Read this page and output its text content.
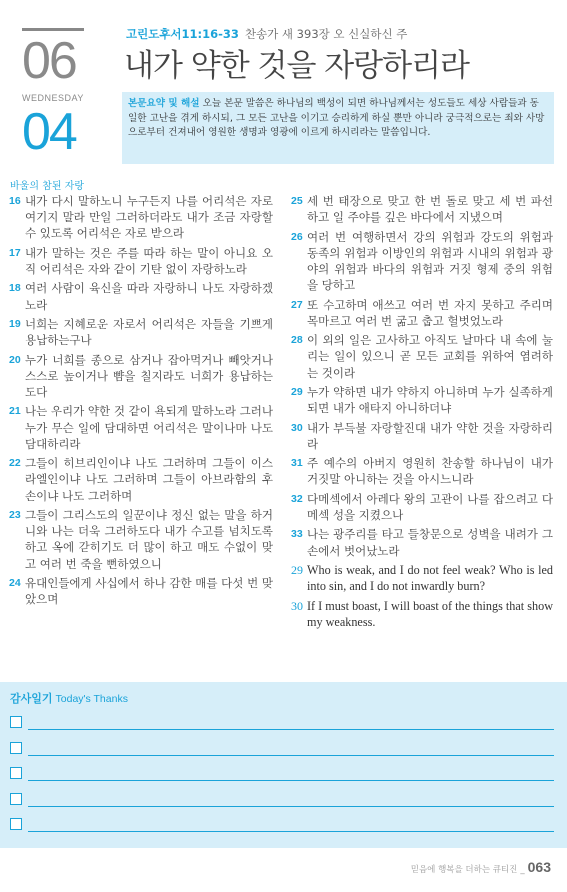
06
WEDNESDAY
04
고린도후서11:16-33 찬송가 새 393장 오 신실하신 주
내가 약한 것을 자랑하리라
본문요약 및 해설 오늘 본문 말씀은 하나님의 백성이 되면 하나님께서는 성도들도 세상 사람들과 동일한 고난을 겪게 하시되, 그 모든 고난을 이기고 승리하게 하실 뿐만 아니라 궁극적으로는 죄와 사망으로부터 건져내어 영원한 생명과 영광에 이르게 하시리라는 말씀입니다.
바울의 참된 자랑
16 내가 다시 말하노니 누구든지 나를 어리석은 자로 여기지 말라 만일 그러하더라도 내가 조금 자랑할 수 있도록 어리석은 자로 받으라
17 내가 말하는 것은 주를 따라 하는 말이 아니요 오직 어리석은 자와 같이 기탄 없이 자랑하노라
18 여러 사람이 육신을 따라 자랑하니 나도 자랑하겠노라
19 너희는 지혜로운 자로서 어리석은 자들을 기쁘게 용납하는구나
20 누가 너희를 종으로 삼거나 잡아먹거나 빼앗거나 스스로 높이거나 뺨을 칠지라도 너희가 용납하는도다
21 나는 우리가 약한 것 같이 욕되게 말하노라 그러나 누가 무슨 일에 담대하면 어리석은 말이나마 나도 담대하리라
22 그들이 히브리인이냐 나도 그러하며 그들이 이스라엘인이냐 나도 그러하며 그들이 아브라함의 후손이냐 나도 그러하며
23 그들이 그리스도의 일꾼이냐 정신 없는 말을 하거니와 나는 더욱 그러하도다 내가 수고를 넘치도록 하고 옥에 갇히기도 더 많이 하고 매도 수없이 맞고 여러 번 죽을 뻔하였으니
24 유대인들에게 사십에서 하나 감한 매를 다섯 번 맞았으며
25 세 번 태장으로 맞고 한 번 돌로 맞고 세 번 파선하고 일 주야를 깊은 바다에서 지냈으며
26 여러 번 여행하면서 강의 위험과 강도의 위험과 동족의 위험과 이방인의 위험과 시내의 위험과 광야의 위험과 바다의 위험과 거짓 형제 중의 위험을 당하고
27 또 수고하며 애쓰고 여러 번 자지 못하고 주리며 목마르고 여러 번 굶고 춥고 헐벗었노라
28 이 외의 일은 고사하고 아직도 날마다 내 속에 눌리는 일이 있으니 곧 모든 교회를 위하여 염려하는 것이라
29 누가 약하면 내가 약하지 아니하며 누가 실족하게 되면 내가 애타지 아니하더냐
30 내가 부득불 자랑할진대 내가 약한 것을 자랑하리라
31 주 예수의 아버지 영원히 찬송할 하나님이 내가 거짓말 아니하는 것을 아시느니라
32 다메섹에서 아레다 왕의 고관이 나를 잡으려고 다메섹 성을 지켰으나
33 나는 광주리를 타고 들창문으로 성벽을 내려가 그 손에서 벗어났노라
29 Who is weak, and I do not feel weak? Who is led into sin, and I do not inwardly burn?
30 If I must boast, I will boast of the things that show my weakness.
감사일기 Today's Thanks
믿음에 행복을 더하는 큐티진 _ 063
